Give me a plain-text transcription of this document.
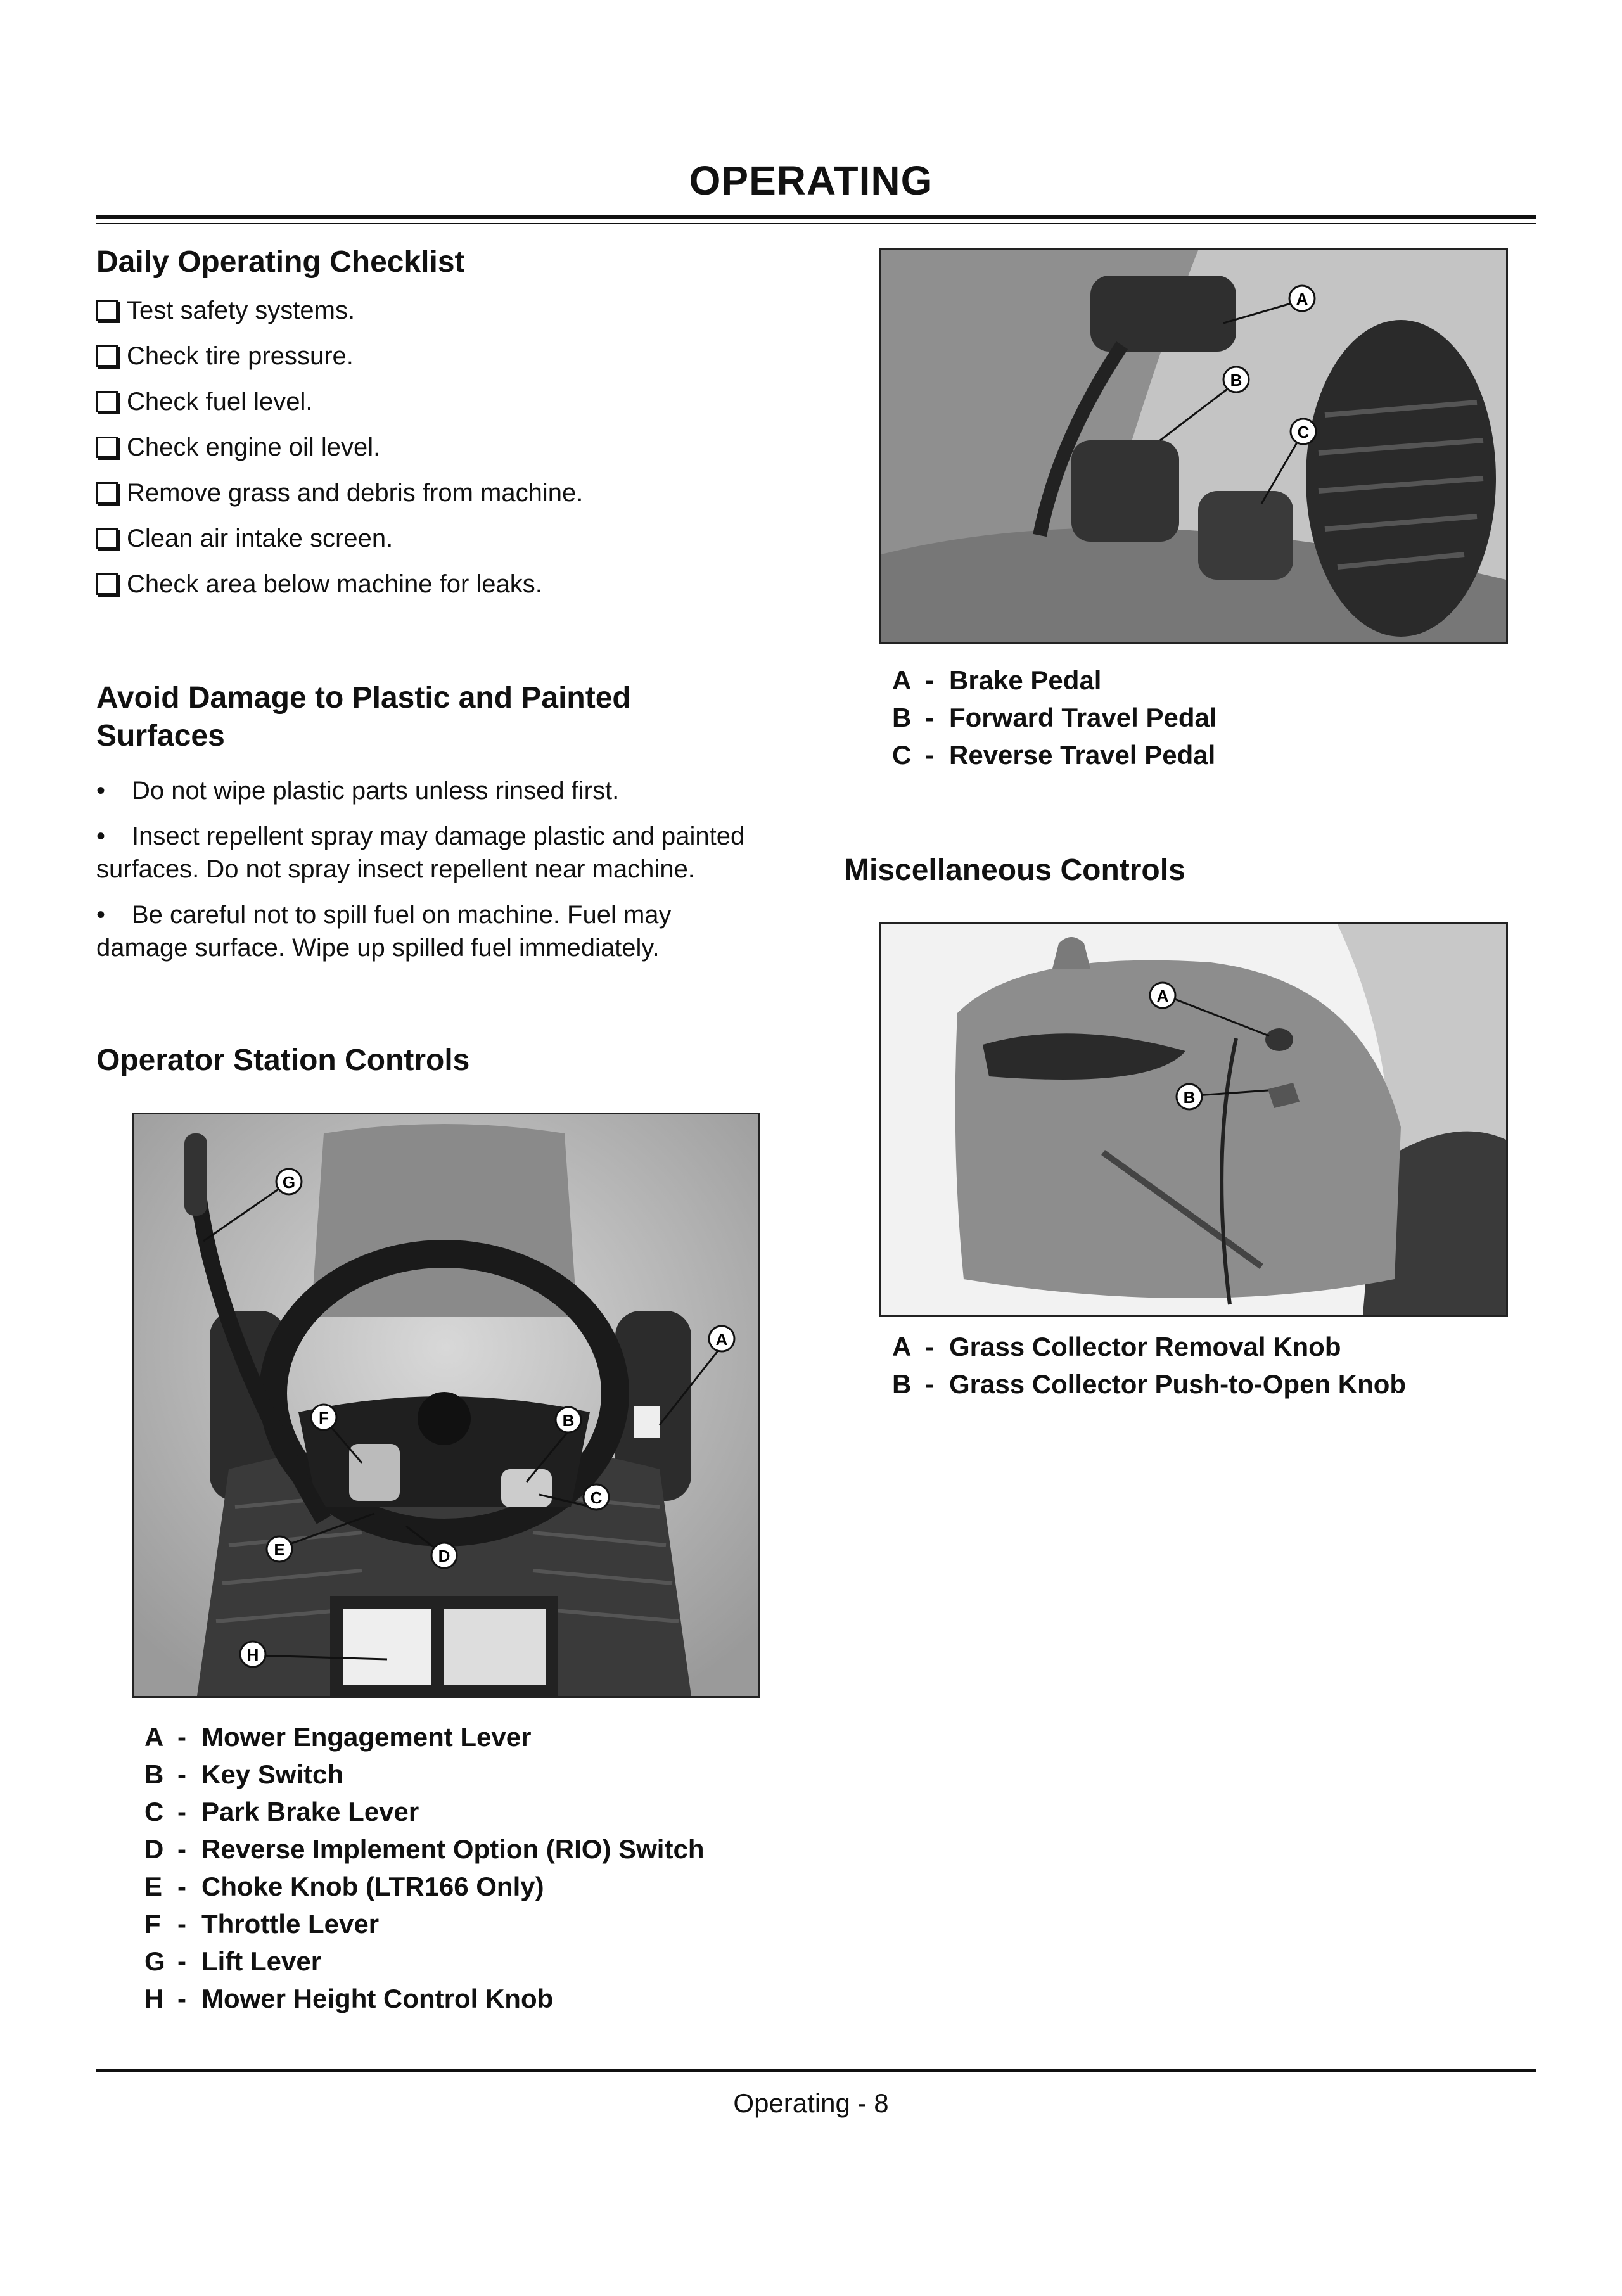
OPERATING
Daily Operating Checklist
Test safety systems.
Check tire pressure.
Check fuel level.
Check engine oil level.
Remove grass and debris from machine.
Clean air intake screen.
Check area below machine for leaks.
Avoid Damage to Plastic and Painted
Surfaces

• Do not wipe plastic parts unless rinsed first.

• Insect repellent spray may damage plastic and painted
surfaces. Do not spray insect repellent near machine.

• Be careful not to spill fuel on machine. Fuel may
damage surface. Wipe up spilled fuel immediately.

Operator Station Controls
A
B
C
D
E
F
G
H
A - Mower Engagement Lever
B - Key Switch
C - Park Brake Lever
D - Reverse Implement Option (RIO) Switch
E - Choke Knob (LTR166 Only)
F - Throttle Lever
G - Lift Lever
H - Mower Height Control Knob
A
B
C
A - Brake Pedal
B - Forward Travel Pedal
C - Reverse Travel Pedal
Miscellaneous Controls
A
B
A - Grass Collector Removal Knob
B - Grass Collector Push-to-Open Knob
Operating - 8
